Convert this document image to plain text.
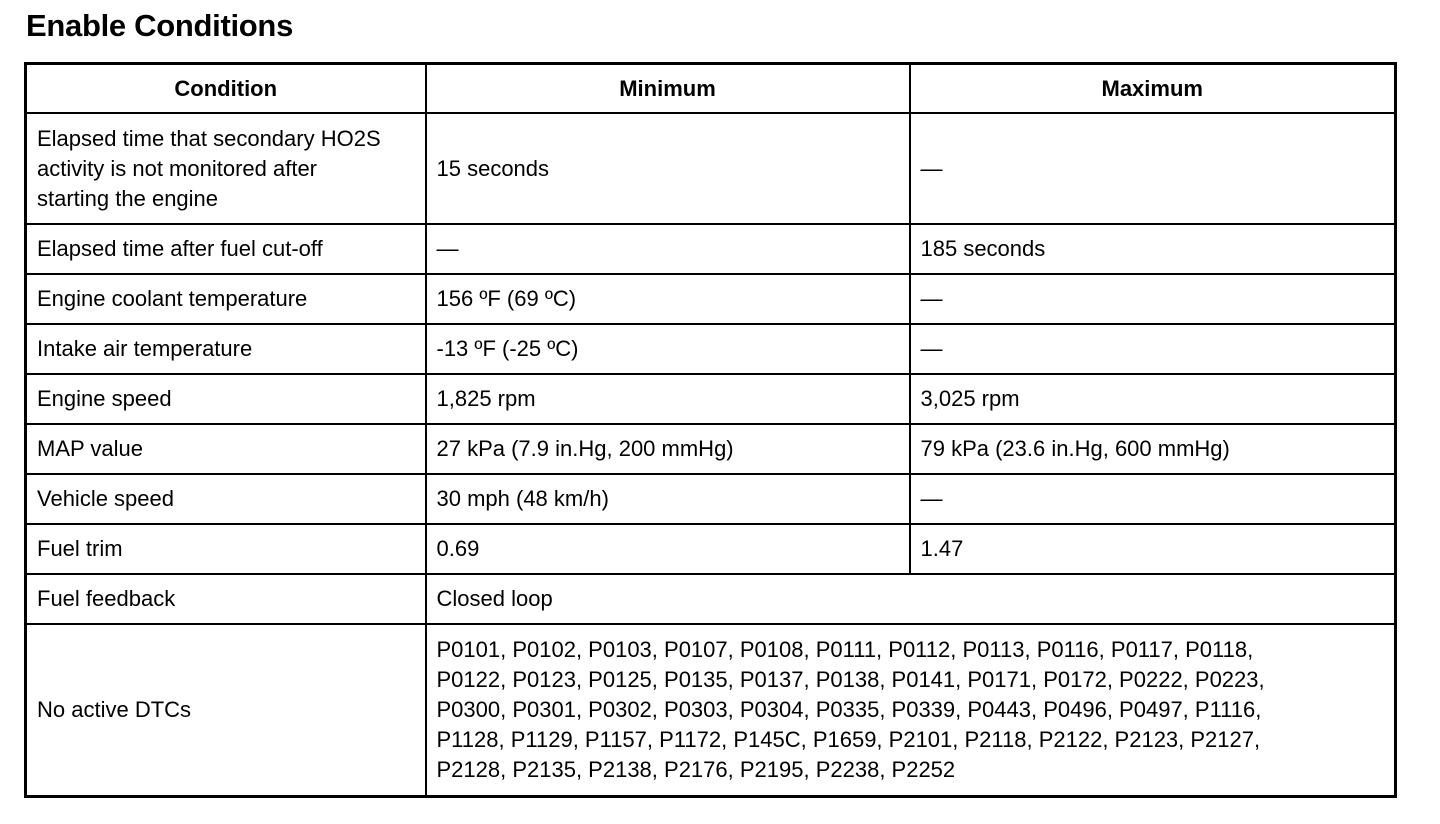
Enable Conditions
Condition	Minimum	Maximum
Elapsed time that secondary HO2S activity is not monitored after starting the engine	15 seconds	—
Elapsed time after fuel cut-off	—	185 seconds
Engine coolant temperature	156 ºF (69 ºC)	—
Intake air temperature	-13 ºF (-25 ºC)	—
Engine speed	1,825 rpm	3,025 rpm
MAP value	27 kPa (7.9 in.Hg, 200 mmHg)	79 kPa (23.6 in.Hg, 600 mmHg)
Vehicle speed	30 mph (48 km/h)	—
Fuel trim	0.69	1.47
Fuel feedback	Closed loop	
No active DTCs	P0101, P0102, P0103, P0107, P0108, P0111, P0112, P0113, P0116, P0117, P0118,
P0122, P0123, P0125, P0135, P0137, P0138, P0141, P0171, P0172, P0222, P0223,
P0300, P0301, P0302, P0303, P0304, P0335, P0339, P0443, P0496, P0497, P1116,
P1128, P1129, P1157, P1172, P145C, P1659, P2101, P2118, P2122, P2123, P2127,
P2128, P2135, P2138, P2176, P2195, P2238, P2252	
